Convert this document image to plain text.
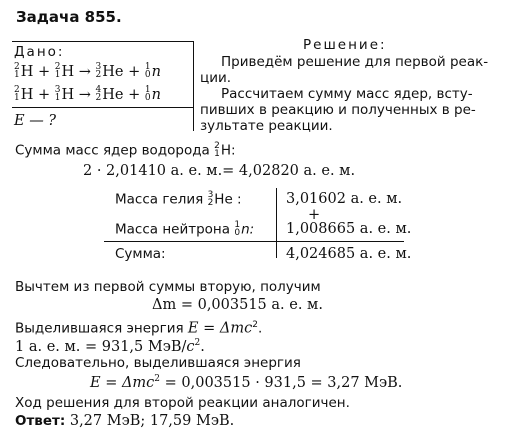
Задача 855.
Дано:
2
1 H + 2
1 H → 3
2 He + 1
0 n
2
1 H + 3
1 H → 4
2 He + 1
0 n
E — ?
Решение:
Приведём решение для первой реак-
ции.
Рассчитаем сумму масс ядер, всту-
пивших в реакцию и полученных в ре-
зультате реакции.
Сумма масс ядер водорода 2
1 H:
2 · 2,01410 а. е. м.= 4,02820 а. е. м.
Масса гелия 3
2 He :	3,01602 а. е. м.
+
Масса нейтрона 1
0 n: 1,008665 а. е. м.
Сумма:	4,024685 а. е. м.
Вычтем из первой суммы вторую, получим
Δm = 0,003515 а. е. м.
Выделившаяся энергия E = Δmc$^2$.
1 а. е. м. = 931,5 МэВ/$c^2$.
Следовательно, выделившаяся энергия
E = Δmc$^2$ = 0,003515 · 931,5 = 3,27 МэВ.
Ход решения для второй реакции аналогичен.
Ответ: 3,27 МэВ; 17,59 МэВ.
